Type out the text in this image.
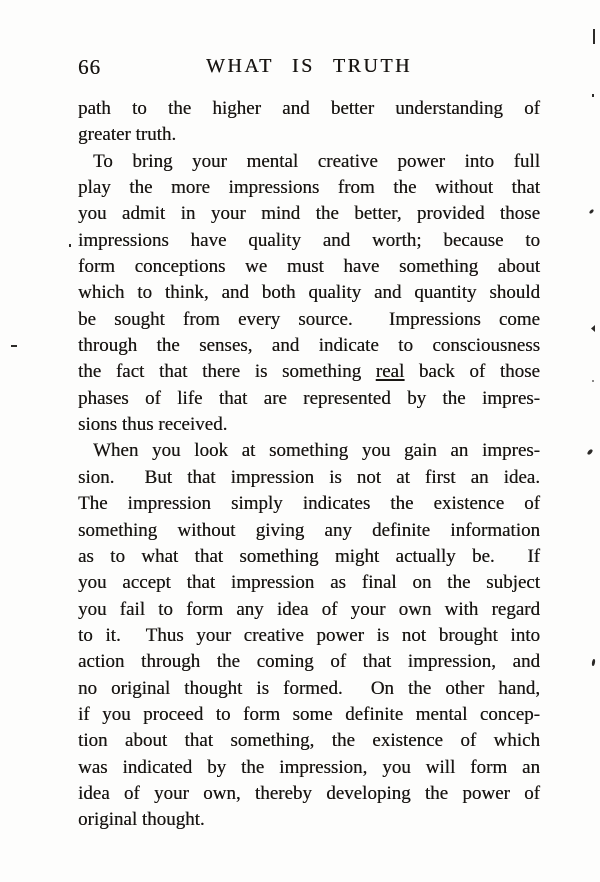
66	WHAT IS TRUTH
path to the higher and better understanding of
greater truth.
To bring your mental creative power into full
play the more impressions from the without that
you admit in your mind the better, provided those
impressions have quality and worth; because to
form conceptions we must have something about
which to think, and both quality and quantity should
be sought from every source.  Impressions come
through the senses, and indicate to consciousness
the fact that there is something real back of those
phases of life that are represented by the impres-
sions thus received.
When you look at something you gain an impres-
sion.  But that impression is not at first an idea.
The impression simply indicates the existence of
something without giving any definite information
as to what that something might actually be.  If
you accept that impression as final on the subject
you fail to form any idea of your own with regard
to it.  Thus your creative power is not brought into
action through the coming of that impression, and
no original thought is formed.  On the other hand,
if you proceed to form some definite mental concep-
tion about that something, the existence of which
was indicated by the impression, you will form an
idea of your own, thereby developing the power of
original thought.
